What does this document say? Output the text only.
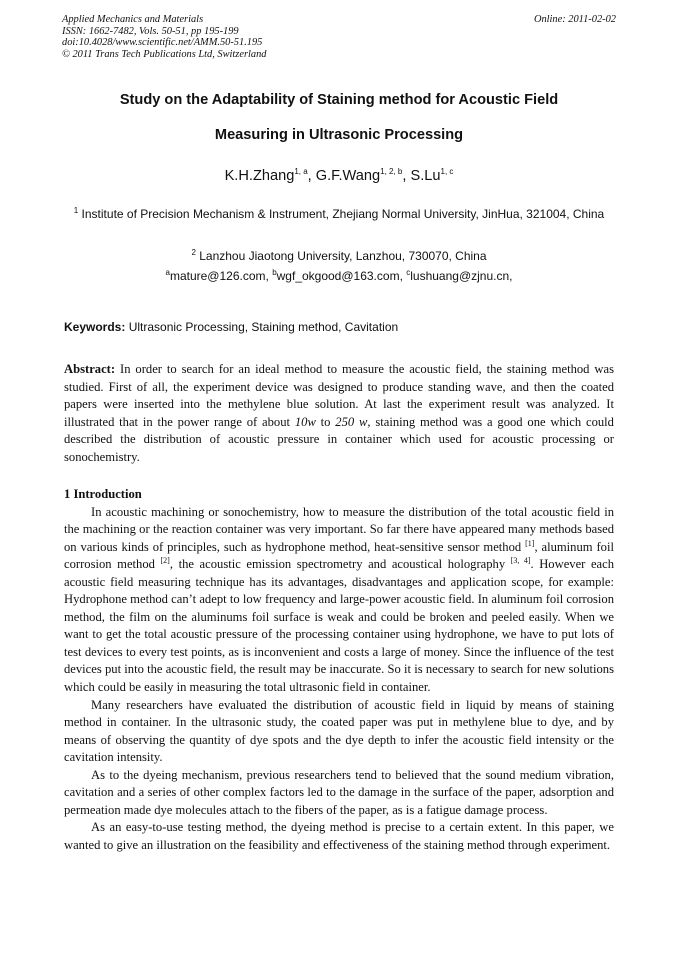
Applied Mechanics and Materials
ISSN: 1662-7482, Vols. 50-51, pp 195-199
doi:10.4028/www.scientific.net/AMM.50-51.195
© 2011 Trans Tech Publications Ltd, Switzerland
Online: 2011-02-02
Study on the Adaptability of Staining method for Acoustic Field
Measuring in Ultrasonic Processing
K.H.Zhang$^{1, a}$, G.F.Wang$^{1, 2, b}$, S.Lu$^{1, c}$
$^1$ Institute of Precision Mechanism & Instrument, Zhejiang Normal University, JinHua, 321004, China
$^2$ Lanzhou Jiaotong University, Lanzhou, 730070, China
$^a$mature@126.com, $^b$wgf_okgood@163.com, $^c$lushuang@zjnu.cn,
Keywords: Ultrasonic Processing, Staining method, Cavitation

Abstract: In order to search for an ideal method to measure the acoustic field, the staining method was studied. First of all, the experiment device was designed to produce standing wave, and then the coated papers were inserted into the methylene blue solution. At last the experiment result was analyzed. It illustrated that in the power range of about 10w to 250 w, staining method was a good one which could described the distribution of acoustic pressure in container which used for acoustic processing or sonochemistry.

1 Introduction

In acoustic machining or sonochemistry, how to measure the distribution of the total acoustic field in the machining or the reaction container was very important. So far there have appeared many methods based on various kinds of principles, such as hydrophone method, heat-sensitive sensor method [1], aluminum foil corrosion method [2], the acoustic emission spectrometry and acoustical holography [3, 4]. However each acoustic field measuring technique has its advantages, disadvantages and application scope, for example: Hydrophone method can’t adept to low frequency and large-power acoustic field. In aluminum foil corrosion method, the film on the aluminums foil surface is weak and could be broken and peeled easily. When we want to get the total acoustic pressure of the processing container using hydrophone, we have to put lots of test devices to every test points, as is inconvenient and costs a large of money. Since the influence of the test devices put into the acoustic field, the result may be inaccurate. So it is necessary to search for new solutions which could be easily in measuring the total ultrasonic field in container.

Many researchers have evaluated the distribution of acoustic field in liquid by means of staining method in container. In the ultrasonic study, the coated paper was put in methylene blue to dye, and by means of observing the quantity of dye spots and the dye depth to infer the acoustic field intensity or the cavitation intensity.

As to the dyeing mechanism, previous researchers tend to believed that the sound medium vibration, cavitation and a series of other complex factors led to the damage in the surface of the paper, adsorption and permeation made dye molecules attach to the fibers of the paper, as is a fatigue damage process.

As an easy-to-use testing method, the dyeing method is precise to a certain extent. In this paper, we wanted to give an illustration on the feasibility and effectiveness of the staining method through experiment.
